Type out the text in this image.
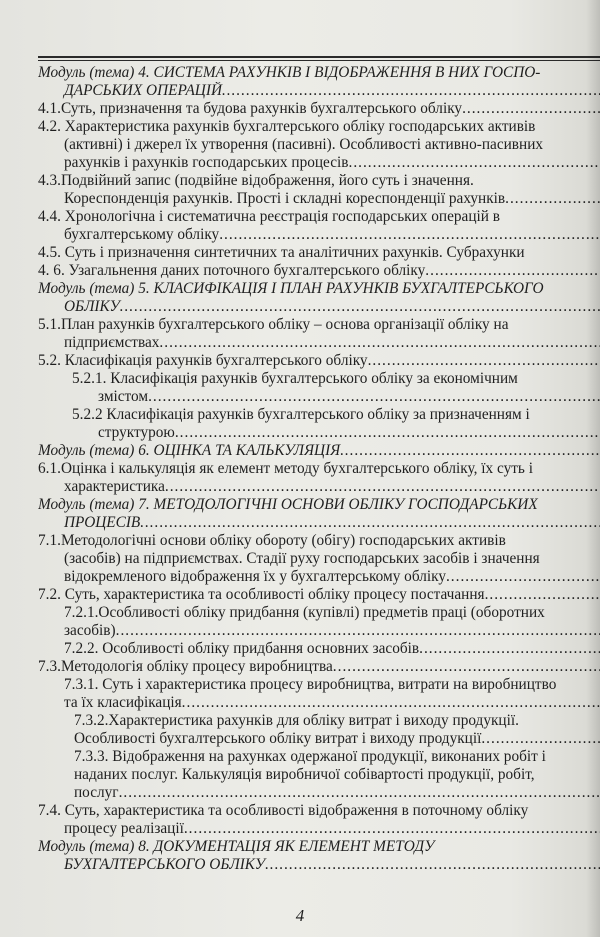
Модуль (тема) 4. СИСТЕМА РАХУНКІВ І ВІДОБРАЖЕННЯ В НИХ ГОСПО-
ДАРСЬКИХ ОПЕРАЦІЙ
.....
4.1.Суть, призначення та будова рахунків бухгалтерського обліку
.....
4.2. Характеристика рахунків бухгалтерського обліку господарських активів
(активні) і джерел їх утворення (пасивні). Особливості активно-пасивних
рахунків і рахунків господарських процесів
.....
4.3.Подвійний запис (подвійне відображення, його суть і значення.
Кореспонденція рахунків. Прості і складні кореспонденції рахунків
.....
4.4. Хронологічна і систематична реєстрація господарських операцій в
бухгалтерському обліку
.....
4.5. Суть і призначення синтетичних та аналітичних рахунків. Субрахунки
4. 6. Узагальнення даних поточного бухгалтерського обліку
.....
Модуль (тема) 5. КЛАСИФІКАЦІЯ І ПЛАН РАХУНКІВ БУХГАЛТЕРСЬКОГО
ОБЛІКУ
.....
5.1.План рахунків бухгалтерського обліку – основа організації обліку на
підприємствах
.....
5.2. Класифікація рахунків бухгалтерського обліку
.....
5.2.1. Класифікація рахунків бухгалтерського обліку за економічним
змістом
.....
5.2.2 Класифікація рахунків бухгалтерського обліку за призначенням і
структурою
.....
Модуль (тема) 6. ОЦІНКА ТА КАЛЬКУЛЯЦІЯ
.....
6.1.Оцінка і калькуляція як елемент методу бухгалтерського обліку, їх суть і
характеристика
.....
Модуль (тема) 7. МЕТОДОЛОГІЧНІ ОСНОВИ ОБЛІКУ ГОСПОДАРСЬКИХ
ПРОЦЕСІВ
.....
7.1.Методологічні основи обліку обороту (обігу) господарських активів
(засобів) на підприємствах. Стадії руху господарських засобів і значення
відокремленого відображення їх у бухгалтерському обліку
.....
7.2. Суть, характеристика та особливості обліку процесу постачання
.....
7.2.1.Особливості обліку придбання (купівлі) предметів праці (оборотних
засобів)
.....
7.2.2. Особливості обліку придбання основних засобів
.....
7.3.Методологія обліку процесу виробництва
.....
7.3.1. Суть і характеристика процесу виробництва, витрати на виробництво
та їх класифікація
.....
7.3.2.Характеристика рахунків для обліку витрат і виходу продукції.
Особливості бухгалтерського обліку витрат і виходу продукції
.....
7.3.3. Відображення на рахунках одержаної продукції, виконаних робіт і
наданих послуг. Калькуляція виробничої собівартості продукції, робіт,
послуг
.....
7.4. Суть, характеристика та особливості відображення в поточному обліку
процесу реалізації
.....
Модуль (тема) 8. ДОКУМЕНТАЦІЯ ЯК ЕЛЕМЕНТ МЕТОДУ
БУХГАЛТЕРСЬКОГО ОБЛІКУ
.....
4
